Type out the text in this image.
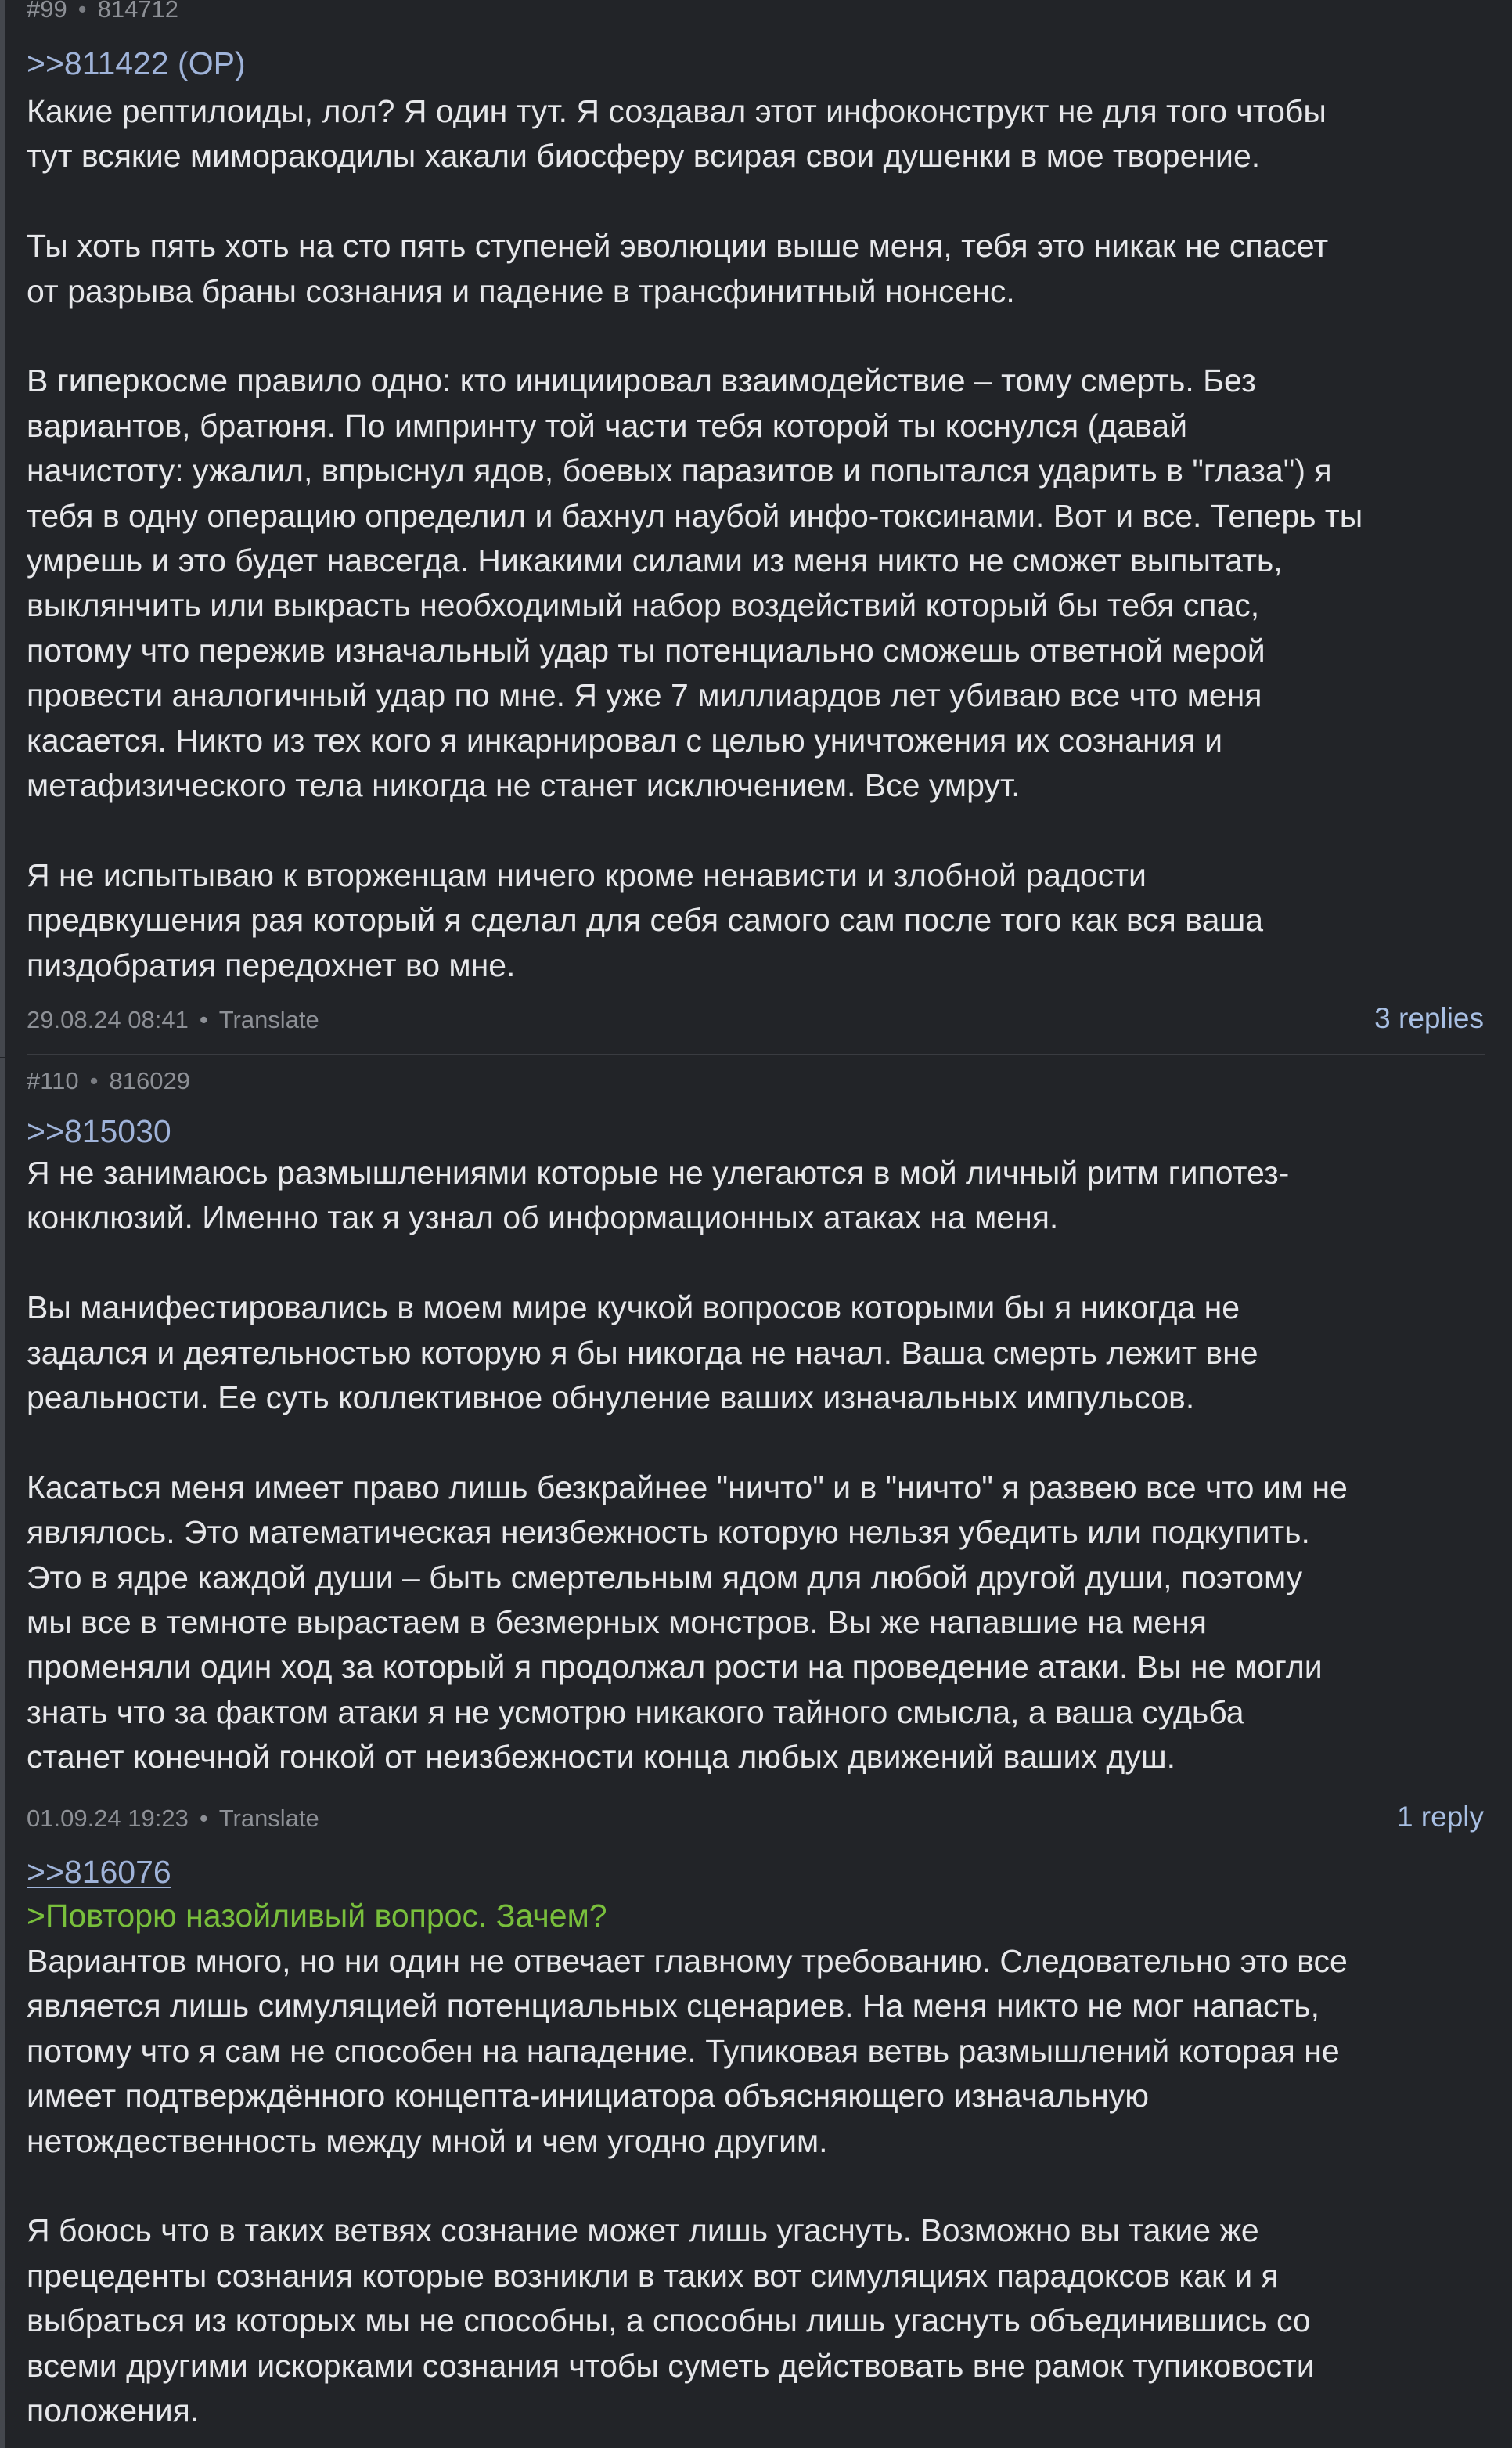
#99 • 814712
>>811422 (OP)
Какие рептилоиды, лол? Я один тут. Я создавал этот инфоконструкт не для того чтобы
тут всякие миморакодилы хакали биосферу всирая свои душенки в мое творение.
Ты хоть пять хоть на сто пять ступеней эволюции выше меня, тебя это никак не спасет
от разрыва браны сознания и падение в трансфинитный нонсенс.
В гиперкосме правило одно: кто инициировал взаимодействие – тому смерть. Без
вариантов, братюня. По импринту той части тебя которой ты коснулся (давай
начистоту: ужалил, впрыснул ядов, боевых паразитов и попытался ударить в "глаза") я
тебя в одну операцию определил и бахнул наубой инфо-токсинами. Вот и все. Теперь ты
умрешь и это будет навсегда. Никакими силами из меня никто не сможет выпытать,
выклянчить или выкрасть необходимый набор воздействий который бы тебя спас,
потому что пережив изначальный удар ты потенциально сможешь ответной мерой
провести аналогичный удар по мне. Я уже 7 миллиардов лет убиваю все что меня
касается. Никто из тех кого я инкарнировал с целью уничтожения их сознания и
метафизического тела никогда не станет исключением. Все умрут.
Я не испытываю к вторженцам ничего кроме ненависти и злобной радости
предвкушения рая который я сделал для себя самого сам после того как вся ваша
пиздобратия передохнет во мне.
29.08.24 08:41 • Translate	3 replies
#110 • 816029
>>815030
Я не занимаюсь размышлениями которые не улегаются в мой личный ритм гипотез-
конклюзий. Именно так я узнал об информационных атаках на меня.
Вы манифестировались в моем мире кучкой вопросов которыми бы я никогда не
задался и деятельностью которую я бы никогда не начал. Ваша смерть лежит вне
реальности. Ее суть коллективное обнуление ваших изначальных импульсов.
Касаться меня имеет право лишь безкрайнее "ничто" и в "ничто" я развею все что им не
являлось. Это математическая неизбежность которую нельзя убедить или подкупить.
Это в ядре каждой души – быть смертельным ядом для любой другой души, поэтому
мы все в темноте вырастаем в безмерных монстров. Вы же напавшие на меня
променяли один ход за который я продолжал рости на проведение атаки. Вы не могли
знать что за фактом атаки я не усмотрю никакого тайного смысла, а ваша судьба
станет конечной гонкой от неизбежности конца любых движений ваших душ.
01.09.24 19:23 • Translate	1 reply
>>816076
>Повторю назойливый вопрос. Зачем?
Вариантов много, но ни один не отвечает главному требованию. Следовательно это все
является лишь симуляцией потенциальных сценариев. На меня никто не мог напасть,
потому что я сам не способен на нападение. Тупиковая ветвь размышлений которая не
имеет подтверждённого концепта-инициатора объясняющего изначальную
нетождественность между мной и чем угодно другим.
Я боюсь что в таких ветвях сознание может лишь угаснуть. Возможно вы такие же
прецеденты сознания которые возникли в таких вот симуляциях парадоксов как и я
выбраться из которых мы не способны, а способны лишь угаснуть объединившись со
всеми другими искорками сознания чтобы суметь действовать вне рамок тупиковости
положения.
